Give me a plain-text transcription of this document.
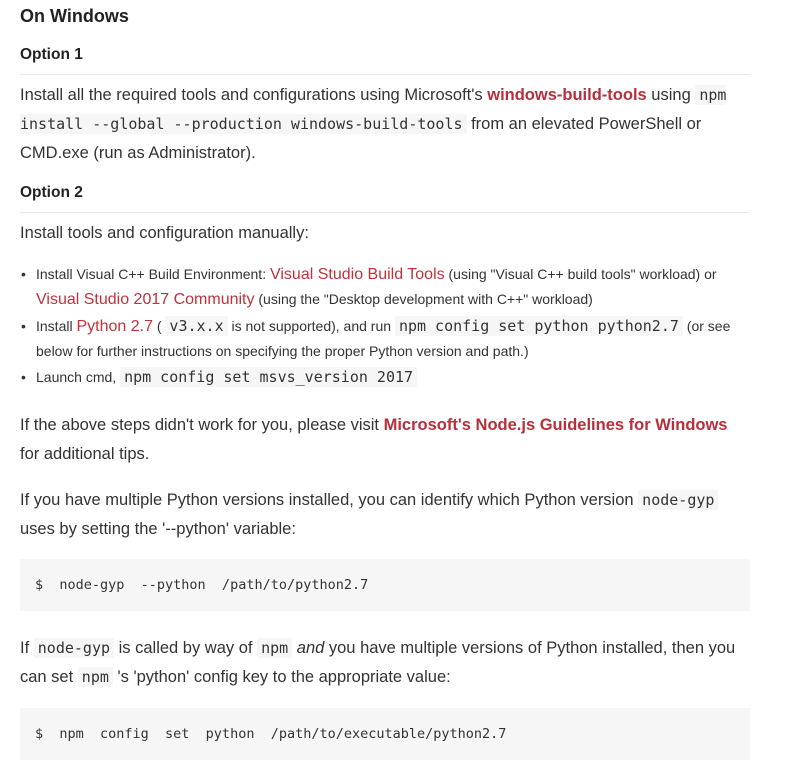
On Windows
Option 1
Install all the required tools and configurations using Microsoft's windows-build-tools using npm install --global --production windows-build-tools from an elevated PowerShell or CMD.exe (run as Administrator).
Option 2
Install tools and configuration manually:
• Install Visual C++ Build Environment: Visual Studio Build Tools (using "Visual C++ build tools" workload) or Visual Studio 2017 Community (using the "Desktop development with C++" workload)
• Install Python 2.7 ( v3.x.x is not supported), and run npm config set python python2.7 (or see below for further instructions on specifying the proper Python version and path.)
• Launch cmd, npm config set msvs_version 2017
If the above steps didn't work for you, please visit Microsoft's Node.js Guidelines for Windows for additional tips.
If you have multiple Python versions installed, you can identify which Python version node-gyp uses by setting the '--python' variable:
$  node-gyp  --python  /path/to/python2.7
If node-gyp is called by way of npm and you have multiple versions of Python installed, then you can set npm 's 'python' config key to the appropriate value:
$  npm  config  set  python  /path/to/executable/python2.7
